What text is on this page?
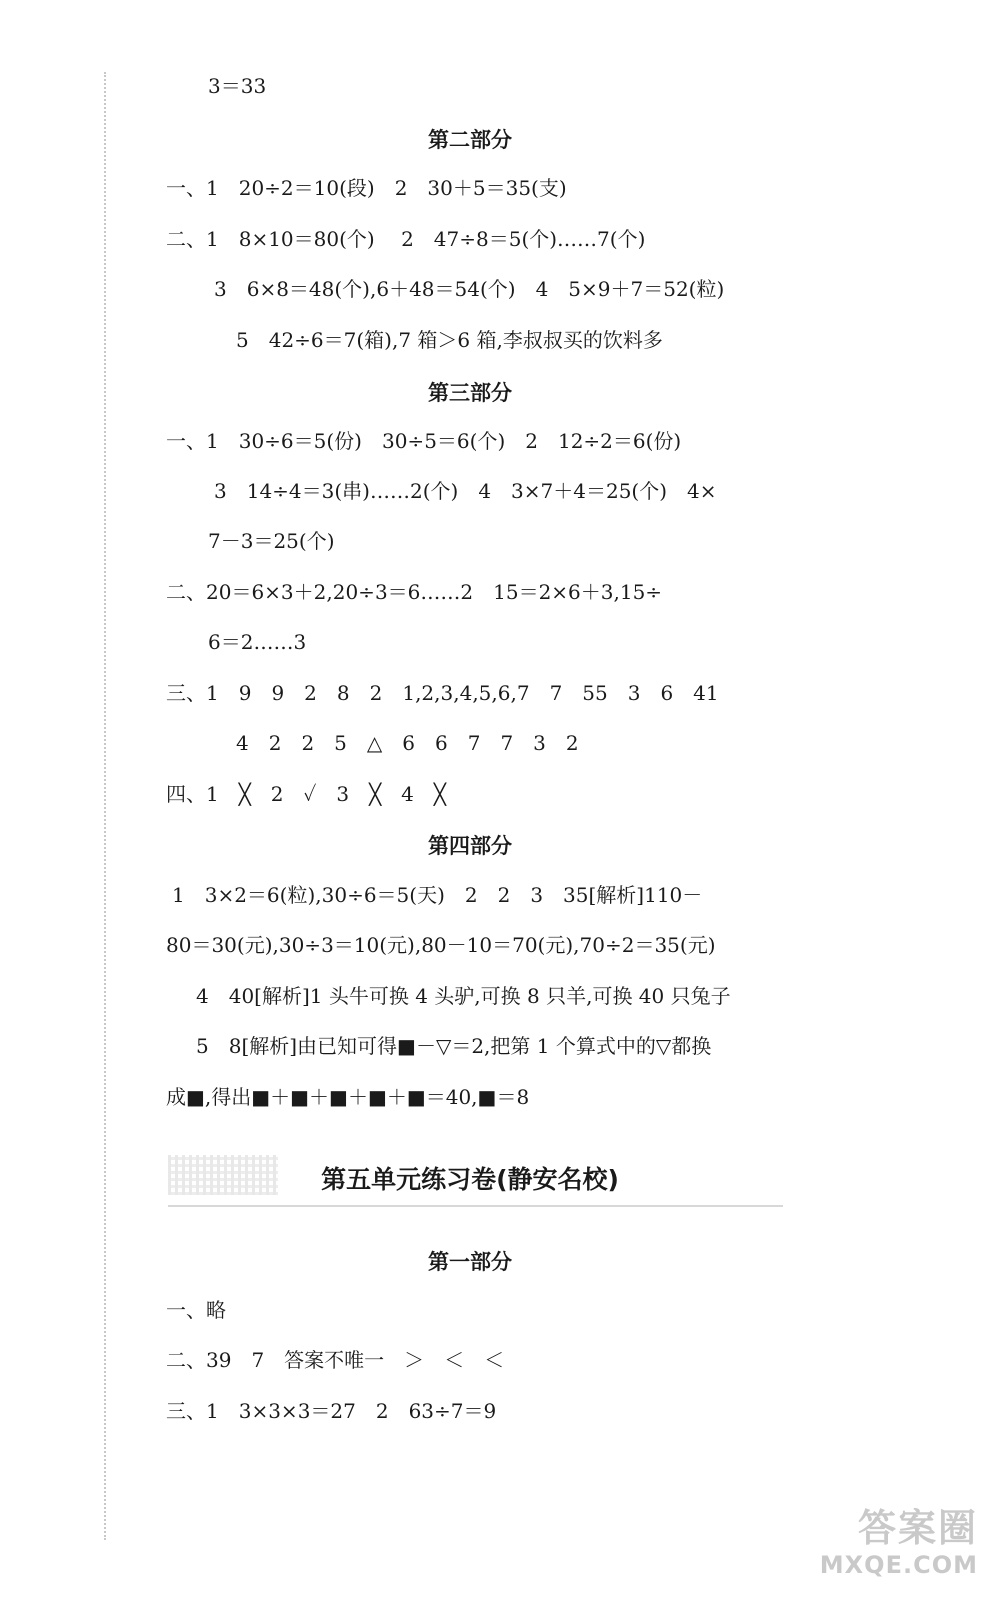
3＝33
第二部分
一、1　20÷2＝10(段)　2　30＋5＝35(支)
二、1　8×10＝80(个)　 2　47÷8＝5(个)……7(个)
3　6×8＝48(个),6＋48＝54(个)　4　5×9＋7＝52(粒)
5　42÷6＝7(箱),7 箱＞6 箱,李叔叔买的饮料多
第三部分
一、1　30÷6＝5(份)　30÷5＝6(个)　2　12÷2＝6(份)
3　14÷4＝3(串)……2(个)　4　3×7＋4＝25(个)　4×
7－3＝25(个)
二、20＝6×3＋2,20÷3＝6……2　15＝2×6＋3,15÷
6＝2……3
三、1　9　9　2　8　2　1,2,3,4,5,6,7　7　55　3　6　41
4　2　2　5　△　6　6　7　7　3　2
四、1　╳　2　✓　3　╳　4　╳
第四部分
1　3×2＝6(粒),30÷6＝5(天)　2　2　3　35[解析]110－
80＝30(元),30÷3＝10(元),80－10＝70(元),70÷2＝35(元)
4　40[解析]1 头牛可换 4 头驴,可换 8 只羊,可换 40 只兔子
5　8[解析]由已知可得■－▽＝2,把第 1 个算式中的▽都换
成■,得出■＋■＋■＋■＋■＝40,■＝8
第五单元练习卷(静安名校)
第一部分
一、略
二、39　7　答案不唯一　＞　＜　＜
三、1　3×3×3＝27　2　63÷7＝9
答案圈
MXQE.COM
